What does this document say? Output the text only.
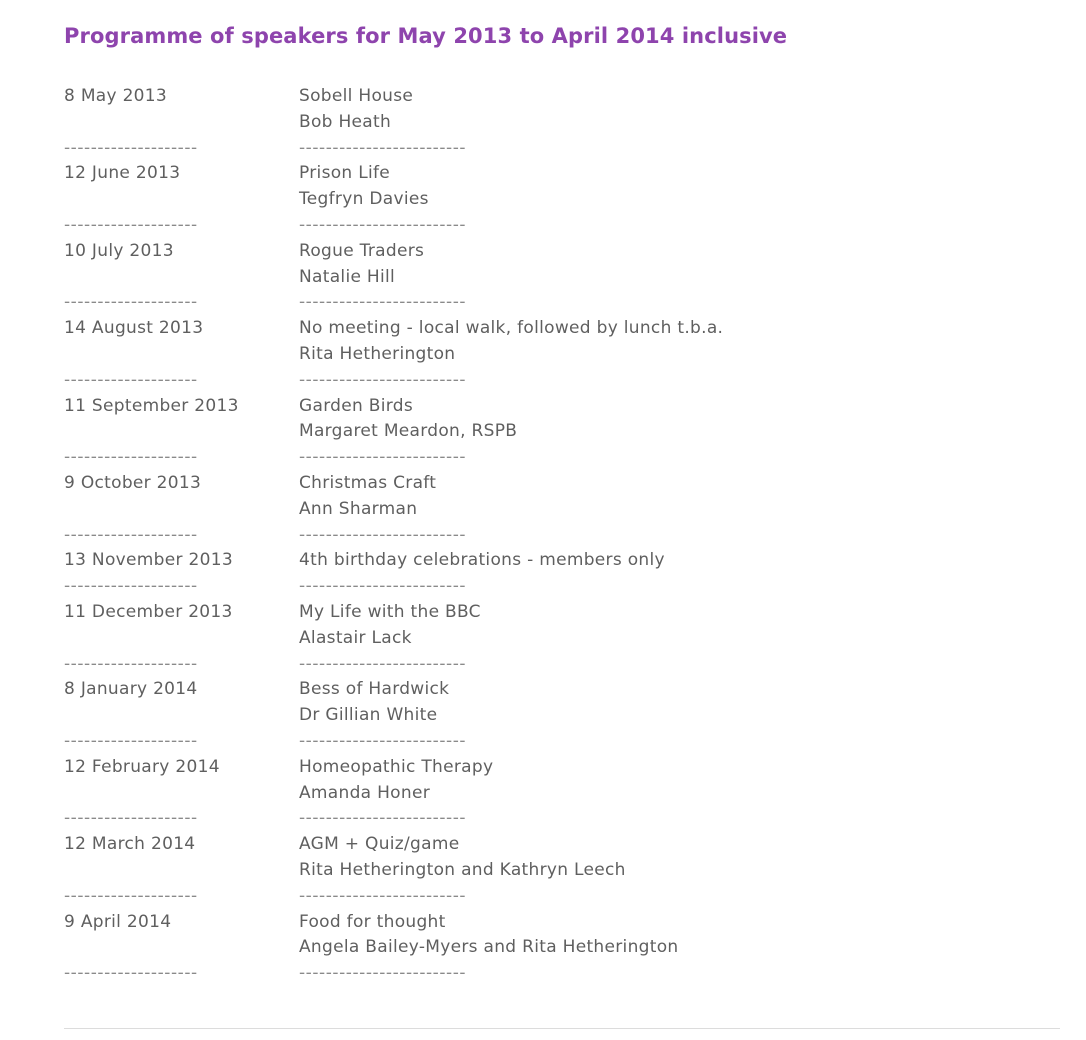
Programme of speakers for May 2013 to April 2014 inclusive
8 May 2013	Sobell House
Bob Heath
--------------------	-------------------------
12 June 2013	Prison Life
Tegfryn Davies
--------------------	-------------------------
10 July 2013	Rogue Traders
Natalie Hill
--------------------	-------------------------
14 August 2013	No meeting - local walk, followed by lunch t.b.a.
Rita Hetherington
--------------------	-------------------------
11 September 2013	Garden Birds
Margaret Meardon, RSPB
--------------------	-------------------------
9 October 2013	Christmas Craft
Ann Sharman
--------------------	-------------------------
13 November 2013	4th birthday celebrations - members only
--------------------	-------------------------
11 December 2013	My Life with the BBC
Alastair Lack
--------------------	-------------------------
8 January 2014	Bess of Hardwick
Dr Gillian White
--------------------	-------------------------
12 February 2014	Homeopathic Therapy
Amanda Honer
--------------------	-------------------------
12 March 2014	AGM + Quiz/game
Rita Hetherington and Kathryn Leech
--------------------	-------------------------
9 April 2014	Food for thought
Angela Bailey-Myers and Rita Hetherington
--------------------	-------------------------
